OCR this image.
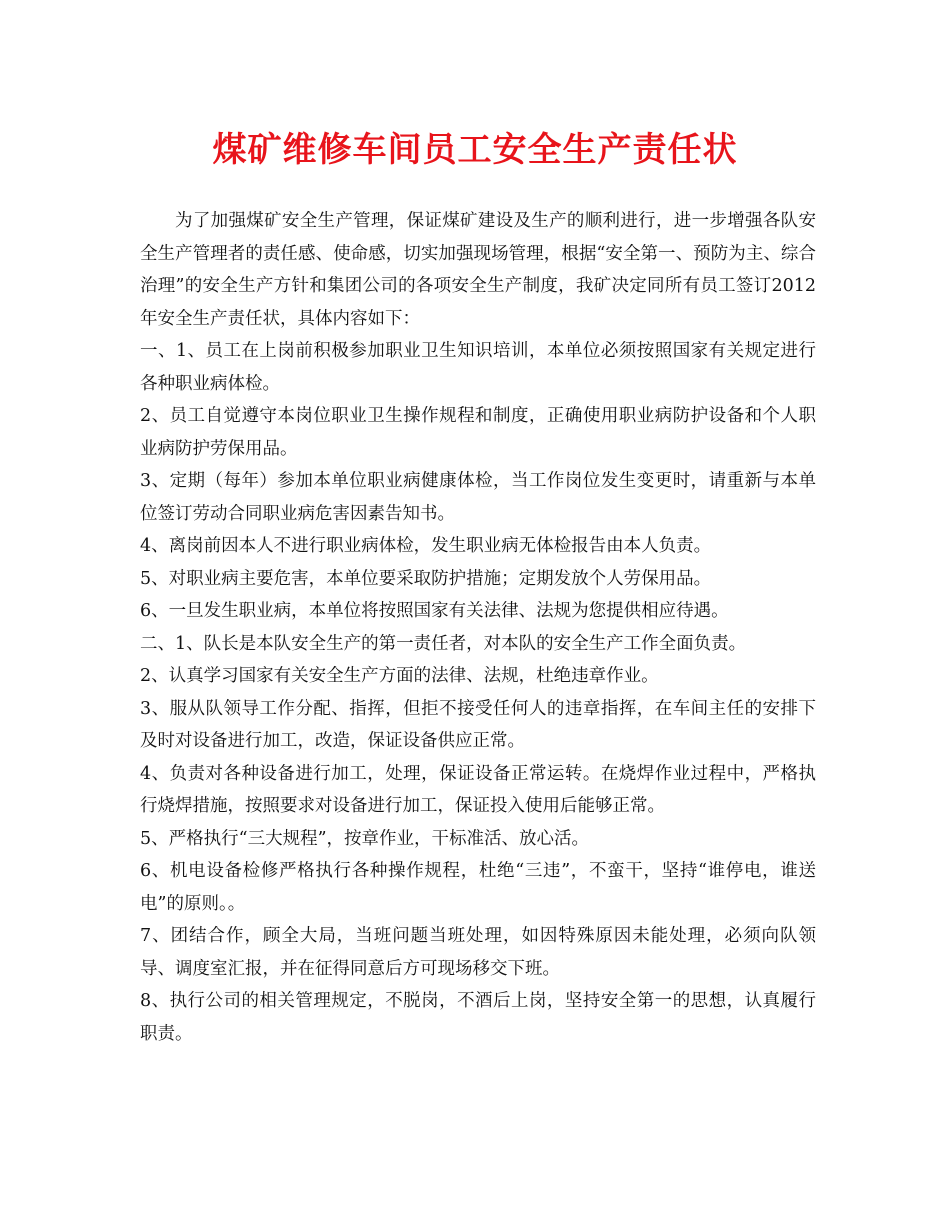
煤矿维修车间员工安全生产责任状

为了加强煤矿安全生产管理，保证煤矿建设及生产的顺利进行，进一步增强各队安全生产管理者的责任感、使命感，切实加强现场管理，根据“安全第一、预防为主、综合治理”的安全生产方针和集团公司的各项安全生产制度，我矿决定同所有员工签订2012年安全生产责任状，具体内容如下：

一、1、员工在上岗前积极参加职业卫生知识培训，本单位必须按照国家有关规定进行各种职业病体检。

2、员工自觉遵守本岗位职业卫生操作规程和制度，正确使用职业病防护设备和个人职业病防护劳保用品。

3、定期（每年）参加本单位职业病健康体检，当工作岗位发生变更时，请重新与本单位签订劳动合同职业病危害因素告知书。

4、离岗前因本人不进行职业病体检，发生职业病无体检报告由本人负责。

5、对职业病主要危害，本单位要采取防护措施；定期发放个人劳保用品。

6、一旦发生职业病，本单位将按照国家有关法律、法规为您提供相应待遇。

二、1、队长是本队安全生产的第一责任者，对本队的安全生产工作全面负责。

2、认真学习国家有关安全生产方面的法律、法规，杜绝违章作业。

3、服从队领导工作分配、指挥，但拒不接受任何人的违章指挥，在车间主任的安排下及时对设备进行加工，改造，保证设备供应正常。

4、负责对各种设备进行加工，处理，保证设备正常运转。在烧焊作业过程中，严格执行烧焊措施，按照要求对设备进行加工，保证投入使用后能够正常。

5、严格执行“三大规程”，按章作业，干标准活、放心活。

6、机电设备检修严格执行各种操作规程，杜绝“三违”，不蛮干，坚持“谁停电，谁送电”的原则。。

7、团结合作，顾全大局，当班问题当班处理，如因特殊原因未能处理，必须向队领导、调度室汇报，并在征得同意后方可现场移交下班。

8、执行公司的相关管理规定，不脱岗，不酒后上岗，坚持安全第一的思想，认真履行职责。
